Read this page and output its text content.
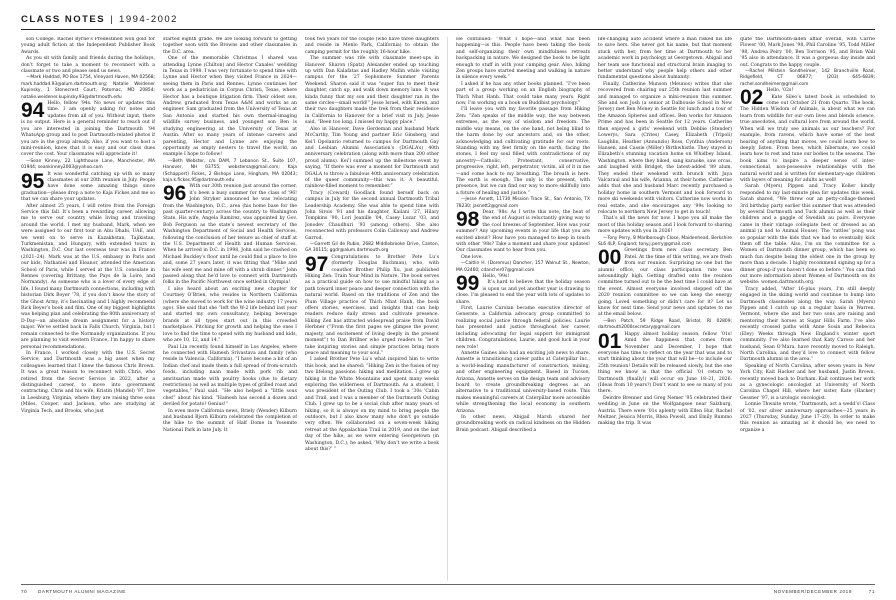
CLASS NOTES | 1994-2002

son College. Rachel Byrne’s Predestined won gold for young adult fiction at the Independent Publisher Book Awards.

As you sit with family and friends during the holidays, don’t forget to take a moment to reconnect with a classmate or two and please send us news.

—Mark Haddad, PO Box 1754, Vineyard Haven, MA 02568; mark.haddad.93@alum.dartmouth.org; Natalie Weidener Kupinsky, 1 Stonecrest Court, Potomac, MD 20854; natalie.weidener.kupinsky.93@dartmouth.edu

94 Hello, fellow ’94s. No news or updates this time. I am openly asking for notes and updates from all of you. Without input, there is no output. Here is a general reminder to reach out if you are interested in joining the Dartmouth ’94 WhatsApp group and to post Dartmouth-related photos if you are in the group already. Also, if you want to host a mini-reunion, know that it is easy and our class dues cover the cost. Your classmates will appreciate it!

—Sean Kinney, 22 Lighthouse Lane, Manchester, MA 01944; seankinney2003@yahoo.com

95 It was wonderful catching up with so many classmates at our 20th reunion in July. People have done some amazing things since graduation—please drop a note to Kaja Fickes and me so that we can share your updates.

After almost 25 years, I will retire from the Foreign Service this fall. It’s been a rewarding career, allowing me to serve our country while living and traveling around the world. I met my husband, Mark, when we were assigned to our first tour in Abu Dhabi, UAE, and we went on to serve in Kazakhstan, Tajikistan, Turkmenistan, and Hungary, with extended tours in Washington, D.C. Our last overseas tour was in France (2021–24). Mark was at the U.S. embassy in Paris and our kids, Nathaniel and Eleanor, attended the American School of Paris, while I served at the U.S. consulate in Rennes (covering Brittany, the Pays de la Loire, and Normandy). As someone who is a lover of every edge of life, I found many Dartmouth connections, including with historian Dirk Boyer ’78, if you don’t know the story of the Ghost Army, it’s fascinating and I highly recommend Rick Beyer’s book and film. One of my biggest highlights was helping plan and celebrating the 80th anniversary of D-Day—an absolute dream assignment for a history major. We’ve settled back in Falls Church, Virginia, but I remain connected to the Normandy organizations. If you are planning to visit western France, I’m happy to share personal recommendations.

In France, I worked closely with the U.S. Secret Service, and Dartmouth was a big asset when my colleagues learned that I knew the famous Chris Brown. It was a great reason to reconnect with Chris, who retired from the Secret Service in 2022, after a distinguished career, to move into government contracting. Chris and his wife, Kristin (Mandel) ’97, live in Leesburg, Virginia, where they are raising three sons (Miles, Cooper, and Jackson, who are studying at Virginia Tech, and Brooks, who just

started eighth grade. We are looking forward to getting together soon with the Browns and other classmates in the D.C. area.

One of the memorable Christmas I shared was attending Lynne (Chilton) and Hector Canales’ wedding in Texas in 1998. I was very fortunate to spend time with Lynne and Hector when they visited France in 2024—seeing them in Paris and Rennes. Lynne continues her work as a pediatrician in Corpus Christi, Texas, where Hector has a boutique litigation firm. Their oldest son, Andrew, graduated from Texas A&M and works as an engineer. Sam graduated from the University of Texas at San Antonio and started his own thermal-imaging wildlife survey business, and youngest son Ben is studying engineering at the University of Texas at Austin. After so many years of intense careers and parenting, Hector and Lynne are enjoying the opportunity as empty nesters to travel the world, an example I hope to follow!

—Beth Webster, c/o DAM, 7 Lebanon St., Suite 107, Hanover, NH 03755; webstersa@gmail.com; Kaja (Schappert) Fickes, 2 Bishops Lane, Hingham, MA 02043; kaja.k.fickes.95@dartmouth.edu

96 With our 30th reunion just around the corner, it’s been a busy summer for the class of ’96! John Stryker announced he was relocating from the Washington, D.C., area (his home base for the past quarter-century) across the country to Washington State. His wife, Angela Ramirez, was appointed by Gov. Bob Ferguson as the state’s newest secretary of the Washington Department of Social and Health Services, following the conclusion of her tenure as chief of staff at the U.S. Department of Health and Human Services. When he arrived in D.C. in 1998, John said he crashed on Michael Buckley’s floor until he could find a place to live and, some 27 years later, it was fitting that “Mike and his wife sent me and mine off with a shrub dinner.” John passed along that he’d love to connect with Dartmouth folks in the Pacific Northwest once settled in Olympia!

I also heard about an exciting new chapter for Courtney O’Brien, who resides in Northern California (where she moved to work for the wine industry 17 years ago). She said that she “left the W-2 life behind last year and started my own consultancy, helping beverage brands at all types start out in this crowded marketplace. Pitching for growth and helping the ones I love to find the time to spend with my husband and kids, who are 10, 12, and 14.”

Paul Lin recently found himself in Los Angeles, where he connected with Hamesh Srivastava and family (who reside in Valencia, California). “I have become a bit of an Indian chef and made them a full spread of from-scratch foods, including naan made with pork rib and amritsarian made with poultry hooks (due to dietary restrictions) as well as multiple types of grilled roast and vegetables,” Paul said. “He also helped a “little sous chef” about his kind. “Hamesh has second a dozen and deviled for potato! Genius!”

In even more California news, Briely (Wender) Kilburn and husband Bjorn Kilburn celebrated the completion of the hike to the summit of Half Dome in Yosemite National Park in late July. It

took two years for the couple (who have three daughters and reside in Menlo Park, California) to obtain the camping permit for the roughly 16-hour hike.

The summer was rife with classmate meet-ups in Hanover. Sharon (Spatz) Alexander ended up touching up with Dan Kalafatas and Hadley Mullin while visiting campus for the ’27 Sophomore Summer Parents Weekend. Sharon said it was “super fun to meet their daughter, catch up, and walk down memory lane. It was kinda funny that my son and their daughter ran in the same circles—small world!” Jesse Israel, with Karen, and their two daughters made the trek from their residence in California to Hanover for a brief visit in July. Jesse said, “Been too long. I missed my happy place.”

Also in Hanover, Dave Gerdeman and husband Mark McCarthy, Tim Young and partner Eric Ginsberg, and Kei’l Opolanrio returned to campus for Dartmouth Gay and Lesbian Alumni Association’s (DGALA’s) 40th anniversary celebration (along with more than 200 other proud alums). Kei’l summed up the milestone event by saying, “If there was ever a moment for Dartmouth and DGALA to throw a fabulous 40th anniversary celebration of the queer community—this was it. A beautiful, rainbow-filled moment to remember.”

Tracy (Coward) Goodlack found herself back on campus in July for the second annual Dartmouth Tribal Leadership Academy. She was able to spend time with John Sirois ’91 and his daughter, Kailani ’27, Hilary Tompkins ’90, Lori Jeanille ’04, Casey Lozar ’03, and Jonodev Chaudhuri ’93 (among others). She also reconnected with professors Colin Calloway and Andrew Garrod.

—Garrett Gil de Rubio, 2682 Middlebrooke Drive, Canton, GA 30115; ggdr@alum.dartmouth.org

97 Congratulations to Brother Pete Lu’s (formerly Douglas Buchman), who, with coauthor Brother Philip Xu, just published Hiking Zen: Train Your Mind in Nature. The book serves as a practical guide on how to use mindful hiking as a path toward inner peace and deeper connection with the natural world. Based on the traditions of Zen and the Plum Village practice of Thich Nhat Hanh, the book offers stories, exercises, and insights that can help readers reduce daily stress and cultivate presence. Hiking Zen has attracted widespread praise from David Herbner (“From the first pages we glimpse the power, majesty, and excitement of living deeply in the present moment”) to Dan Brillner who urged readers to “let it take inspiring stories and simple practices bring more peace and meaning to your soul.”

I asked Brother Pete Lu’s what inspired him to write this book, and he shared: “Hiking Zen is the fusion of my two lifelong passions: hiking and meditation. I grew up hiking in the White Mountains and spent many weeks exploring the wilderness of Dartmouth. As a student, I was president of the Outing Club. I took a ’30s ‘Cabin and Trail, and I was a member of the Dartmouth Outing Club. I grew up to be a social club after many years of hiking, so it is always on my mind to bring people the outdoors, but I also know many who don’t go outside very often. We collaborated on a seven-week hiking retreat at the Appalachian Trail in 2019, and on the last day of the hike, as we were entering Georgetown (in Washington, D.C.), he asked, ‘Why don’t we write a book about this?’ ”

He continued: “What I hope—and what has been happening—is this. People have been taking the book and self-organizing their own mindfulness retreats backpacking in nature. We designed the book to be light enough to stuff in with your camping gear. Also, hiking Zen groups have started meeting and walking in nature in silence every week.”

I asked if he has any other books planned. “I’ve been part of a group working on an English biography of Thich Nhat Hanh. That could take many years. Right now, I’m working on a book on Buddhist psychology.”

I’ll leave you with my favorite passage from Hiking Zen: “Zen speaks of the middle way, the way between extremes, as the way of wisdom and freedom. The middle way means, on the one hand, not being blind to the harm done by our ancestors and, on the other, acknowledging and cultivating gratitude for our roots. Standing with my feet firmly on the earth, facing the stones, I feel my soul filled with contradictions of my ancestry—Catholic, Protestant, conservative, progressive, right, left, perpetrator, victim, all of it in me—and come back to my breathing. The breath is here. The earth is enough. The only is the present, with presence, but we can find our way to more skillfully into a future of healing and justice.”

—Jesse Asnett, 11730 Mission Trace St., San Antonio, TX 78230; jasnett2@gmail.com

98 Dear, ’98s. As I write this note, the heat of the end of August is reluctantly giving way to the cool breezes of September. How was your summer? Any upcoming events in your life that you are excited about? How have you managed to keep in touch with other ’98s? Take a moment and share your updates! Our classmates want to hear from you.

One love.

—Caitlin H. (Doremus) Dancher, 157 Walnut St., Newton, MA 02460; cdancher07@gmail.com

99 Hello, ’99s!

It’s hard to believe that the holiday season is upon us and yet another year is drawing to close. I’m pleased to end the year with lots of updates to share.

First, Laurie Carolan became executive director of Generate, a California advocacy group committed to realizing social justice through federal policies. Laurie has presented and justice throughout her career, including advocating for legal support for immigrant children. Congratulations, Laurie, and good luck in your new role!

Annette Gaines also had an exciting job news to share. Annette is transitioning career paths at Caterpillar Inc., a world-leading manufacturer of construction, mining, and other engineering equipment. Based in Tucson, Arizona, Annette serves on the design team and advisory board to create groundbreaking degrees as an alternative to a traditional university-based route. This makes meaningful careers at Caterpillar more accessible while strengthening the local economy in southern Arizona.

In other news, Abigail Marsh shared her groundbreaking work on radical kindness on the Hidden Brain podcast. Abigail described a

life-changing auto accident where a man risked his life to save hers. She never got his name, but that moment stuck with her, from her time at Dartmouth to her academic work in psychology at Georgetown. Abigail and her team use functional and structural brain imaging to better understand why people help others and other fundamental questions about humanity.

Finally, Catherine Munson (Meunos) writes that she recovered from chairing our 25th reunion last summer and managed to organize a mini-reunion this summer. She and son Josh (a senior at Dalhousie School in New Jersey) met Ben Money in Seattle for lunch and a tour of the Amazon Spheres and offices. Ben works for Amazon Prime and has been in Seattle for 12 years. Catherine then enjoyed a girls’ weekend with Debbie (Stender) Lowerys, Sara (Crites) Casey, Elizabeth (Tripoli) Laughlin, Heather (Annunzio) Ross, Cynthia (Anderson) Hansen, and Cassie (Miller) Birthwhistle. They stayed in Elizabeth’s stunning vacation home on Whidbey Island, Washington, where they hiked, sang karaoke, saw orcas, and laughed with Bridget, the latest-added ’89 alum. They ended their weekend with brunch with Jaya Valcaraul and his wife, Arianna, at their home. Catherine adds that she and husband Marc recently purchased a holiday home in southern Vermont and look forward to more ski weekends with visitors. Catherine now works in real estate, and she encourages any ’99s looking to relocate to northern New Jersey to get in touch!

That’s all the news for now. I hope you all make the most of this holiday season and I look forward to sharing more updates with you in 2026!

—Tony Perry, 8 Marlborough Close, Maidenhead, Berkshire SL6 4LP, England; tony.j.perry@gmail.com

00 Greetings from new class secretary Ben Patel. At the time of this writing, we are fresh from our reunion. Surprising no one but the alumni office, our class participation rate was astoundingly high. Getting drafted onto the reunion committee turned out to be the best time I could have at the event. Almost everyone involved stepped off the 2020 reunion committee so we can keep the energy going. Loved something or didn’t care for it? Let us know for next time. Send your news and updates to me at the email below.

—Ben Patch, 59 Ridge Road, Bristol, RI 02809; dartmouth2000secretary@gmail.com

01 Happy almost holiday season, fellow ’01s! Amid the happiness that comes from November and December, I hope that everyone has time to reflect on the year that was and to start thinking about the year that will be—to include our 25th reunion! Details will be released slowly, but the one thing we know is that the official ’01 return to Dartmouth (finally!) will occur on June 18–21, 2026. (Ideas from 10 years?) Don’t want to see so many of you there.

Deirdre Brenner and Greg Nemer ’95 celebrated their wedding in June on the Wolfgangsee near Salzburg, Austria. There were ’01s aplenty with Ellen Hur, Rachel Meltzer, Jessica Morris, Rhea Powell, and Emily Rummo making the trip. It was

quite the Dartmouth-laden affair overall, with Carrie Flower ’00, Mark Jones ’98, Phil Caroline ’95, Todd Miller ’98, Andrea Peiry ’00, Ben Torrison ’95, and Brian Wall ’95 also in attendance. It was a gorgeous day inside and out. Congrats to the happy couple.

—Rachel Milstein Sondheimer, 142 Branchville Road, Ridgefield, CT 06877; (203) 645-6839; rachel.sondheimer@gmail.com

02 Hello, ’02s!

Kate Sileo’s latest book is scheduled to come out October 21 from Quarto. The book, The Hidden Wisdom of Animals, is about what we can learn from wildlife for our own lives and blends science, true anecdotes, and cultural lore from around the world. When will we truly see animals as our teachers? For example, from ravens, which have some of the best hearing of anything that moves, we could learn how to deeply listen. From bees, which hibernate, we could learn how to rest and tune our bodies to the seasons. The book aims to inspire a deeper sense of inter-connectional, non-possessive relationships with the natural world and is written for elementary-age children with layers of meaning for adults as well!

Sarah (Myers) Pippen and Tracy Koller kindly responded to my last-minute plea for updates this week. Sarah shared, “We threw our an petty-collage-themed 3rd birthday party earlier this summer that was attended by several Dartmouth and Tuck alumni as well as their children and a gaggle of Swedish au pairs. Everyone came in their vintage collegiate best or dressed as an animal (a nod to Animal House). The ‘rattles’ pong was so popular with the kids that we had to eventually kick them off the table. Also, I’m on the committee for a Women of Dartmouth dinner group, which has been so much fun despite being the oldest one in the group by more than a decade. I highly recommend signing up for a dinner group if you haven’t done so before.” You can find out more information about Women of Dartmouth on its website: women.dartmouth.org.

Tracy added, “After 16-plus years, I’m still deeply engaged in the skiing world and continue to bump into Dartmouth classmates along the way. Sarah (Myers) Pippen and I catch up on a regular basis in Warren, Vermont, where she and her two sons are raising and mentoring their horses at Sugar Hills Farm. I’ve also recently crossed paths with Anne Sosin and Rebecca (Eley) Weeks through New England’s winter sport community. I’ve also learned that Katy Caroso and her husband, Sean O’Mara, have recently moved to Raleigh, North Carolina, and they’d love to connect with fellow Dartmouth alumni in the area.”

Speaking of North Carolina, after seven years in New York City, Kait Hacker and her husband, Justin Brown, recently moved back to Durham. Kait continues her work as a gynecologic oncologist at University of North Carolina Chapel Hill, where her sister, Kate (Hacker) Gessner ’97, is a urologic oncologist.

Lonnie Thwaite wrote, “Dartmouth, act a wedd’s! Class of ’02, our silver anniversary approaches—25 years in 2027 (Thursday, Sunday, June 17–20). In order to make this reunion as amazing as it should be, we need to organize a

70 DARTMOUTH ALUMNI MAGAZINE	NOVEMBER/DECEMBER 2019	71
